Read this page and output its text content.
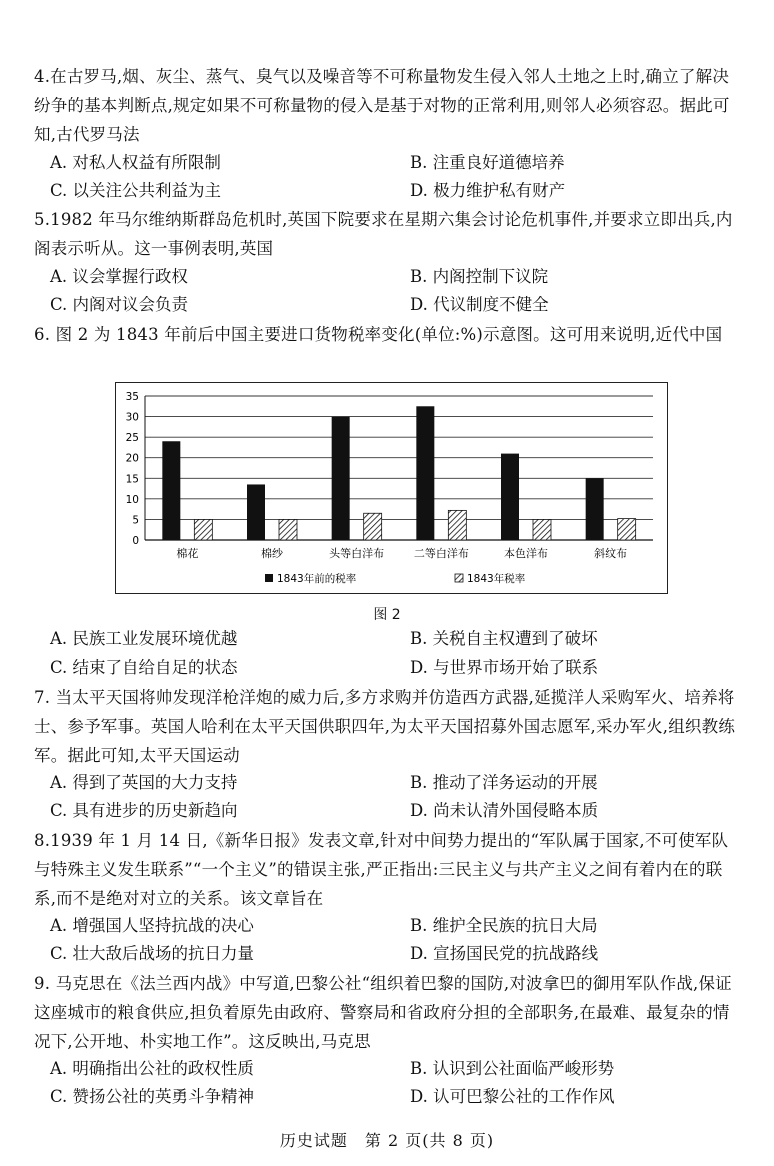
4.在古罗马,烟、灰尘、蒸气、臭气以及噪音等不可称量物发生侵入邻人土地之上时,确立了解决纷争的基本判断点,规定如果不可称量物的侵入是基于对物的正常利用,则邻人必须容忍。据此可知,古代罗马法
A. 对私人权益有所限制	B. 注重良好道德培养
C. 以关注公共利益为主	D. 极力维护私有财产
5.1982 年马尔维纳斯群岛危机时,英国下院要求在星期六集会讨论危机事件,并要求立即出兵,内阁表示听从。这一事例表明,英国
A. 议会掌握行政权	B. 内阁控制下议院
C. 内阁对议会负责	D. 代议制度不健全
6. 图 2 为 1843 年前后中国主要进口货物税率变化(单位:%)示意图。这可用来说明,近代中国
0
5
10
15
20
25
30
35
棉花	棉纱	头等白洋布	二等白洋布	本色洋布	斜纹布
1843年前的税率	1843年税率
图 2
A. 民族工业发展环境优越	B. 关税自主权遭到了破坏
C. 结束了自给自足的状态	D. 与世界市场开始了联系
7. 当太平天国将帅发现洋枪洋炮的威力后,多方求购并仿造西方武器,延揽洋人采购军火、培养将士、参予军事。英国人哈利在太平天国供职四年,为太平天国招募外国志愿军,采办军火,组织教练军。据此可知,太平天国运动
A. 得到了英国的大力支持	B. 推动了洋务运动的开展
C. 具有进步的历史新趋向	D. 尚未认清外国侵略本质
8.1939 年 1 月 14 日,《新华日报》发表文章,针对中间势力提出的“军队属于国家,不可使军队与特殊主义发生联系”“一个主义”的错误主张,严正指出:三民主义与共产主义之间有着内在的联系,而不是绝对对立的关系。该文章旨在
A. 增强国人坚持抗战的决心	B. 维护全民族的抗日大局
C. 壮大敌后战场的抗日力量	D. 宣扬国民党的抗战路线
9. 马克思在《法兰西内战》中写道,巴黎公社“组织着巴黎的国防,对波拿巴的御用军队作战,保证这座城市的粮食供应,担负着原先由政府、警察局和省政府分担的全部职务,在最难、最复杂的情况下,公开地、朴实地工作”。这反映出,马克思
A. 明确指出公社的政权性质	B. 认识到公社面临严峻形势
C. 赞扬公社的英勇斗争精神	D. 认可巴黎公社的工作作风
历史试题　第 2 页(共 8 页)
